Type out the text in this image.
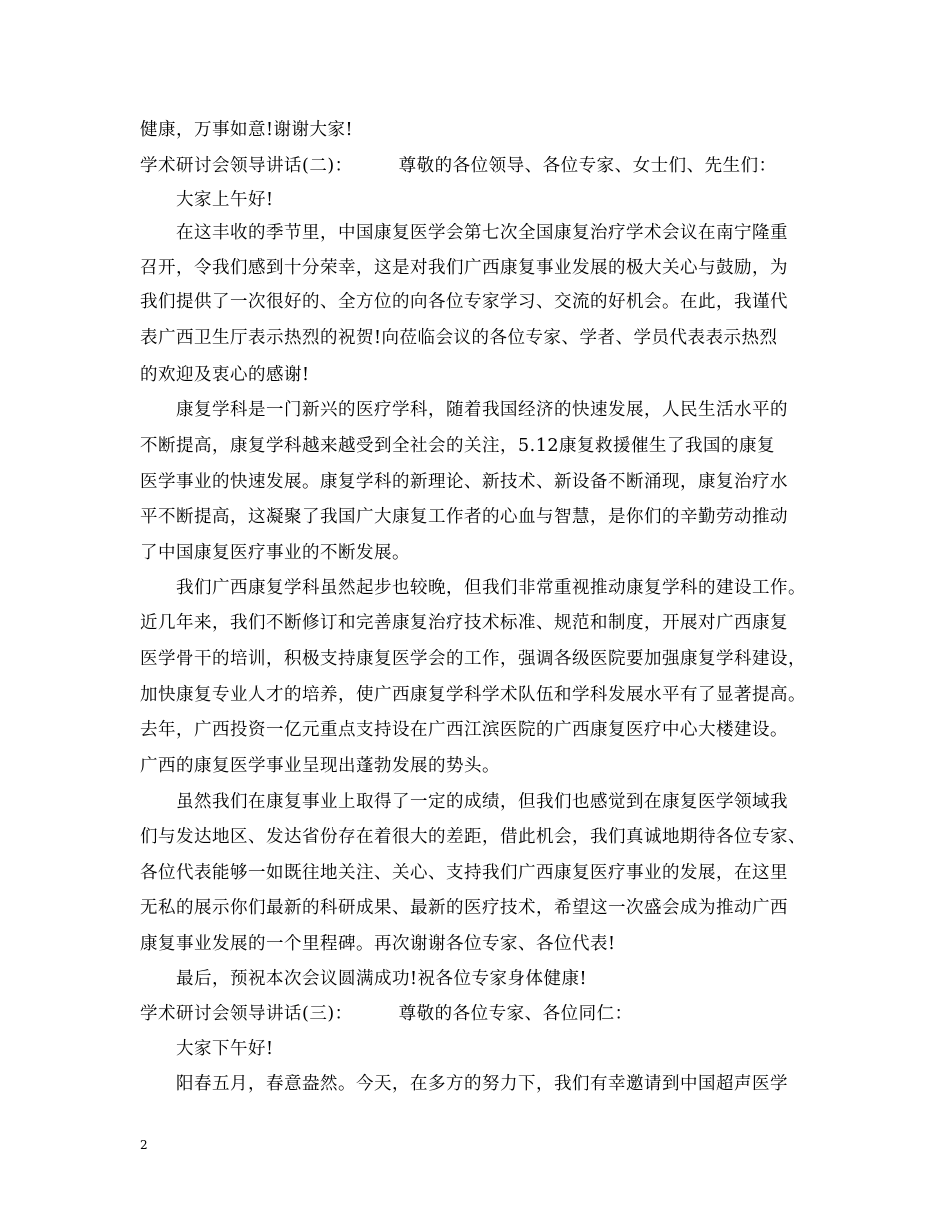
健康，万事如意!谢谢大家!
学术研讨会领导讲话(二)：	尊敬的各位领导、各位专家、女士们、先生们：
大家上午好!
在这丰收的季节里，中国康复医学会第七次全国康复治疗学术会议在南宁隆重
召开，令我们感到十分荣幸，这是对我们广西康复事业发展的极大关心与鼓励，为
我们提供了一次很好的、全方位的向各位专家学习、交流的好机会。在此，我谨代
表广西卫生厅表示热烈的祝贺!向莅临会议的各位专家、学者、学员代表表示热烈
的欢迎及衷心的感谢!
康复学科是一门新兴的医疗学科，随着我国经济的快速发展，人民生活水平的
不断提高，康复学科越来越受到全社会的关注，5.12康复救援催生了我国的康复
医学事业的快速发展。康复学科的新理论、新技术、新设备不断涌现，康复治疗水
平不断提高，这凝聚了我国广大康复工作者的心血与智慧，是你们的辛勤劳动推动
了中国康复医疗事业的不断发展。
我们广西康复学科虽然起步也较晚，但我们非常重视推动康复学科的建设工作。
近几年来，我们不断修订和完善康复治疗技术标准、规范和制度，开展对广西康复
医学骨干的培训，积极支持康复医学会的工作，强调各级医院要加强康复学科建设，
加快康复专业人才的培养，使广西康复学科学术队伍和学科发展水平有了显著提高。
去年，广西投资一亿元重点支持设在广西江滨医院的广西康复医疗中心大楼建设。
广西的康复医学事业呈现出蓬勃发展的势头。
虽然我们在康复事业上取得了一定的成绩，但我们也感觉到在康复医学领域我
们与发达地区、发达省份存在着很大的差距，借此机会，我们真诚地期待各位专家、
各位代表能够一如既往地关注、关心、支持我们广西康复医疗事业的发展，在这里
无私的展示你们最新的科研成果、最新的医疗技术，希望这一次盛会成为推动广西
康复事业发展的一个里程碑。再次谢谢各位专家、各位代表!
最后，预祝本次会议圆满成功!祝各位专家身体健康!
学术研讨会领导讲话(三)：	尊敬的各位专家、各位同仁：
大家下午好!
阳春五月，春意盎然。今天，在多方的努力下，我们有幸邀请到中国超声医学
2
